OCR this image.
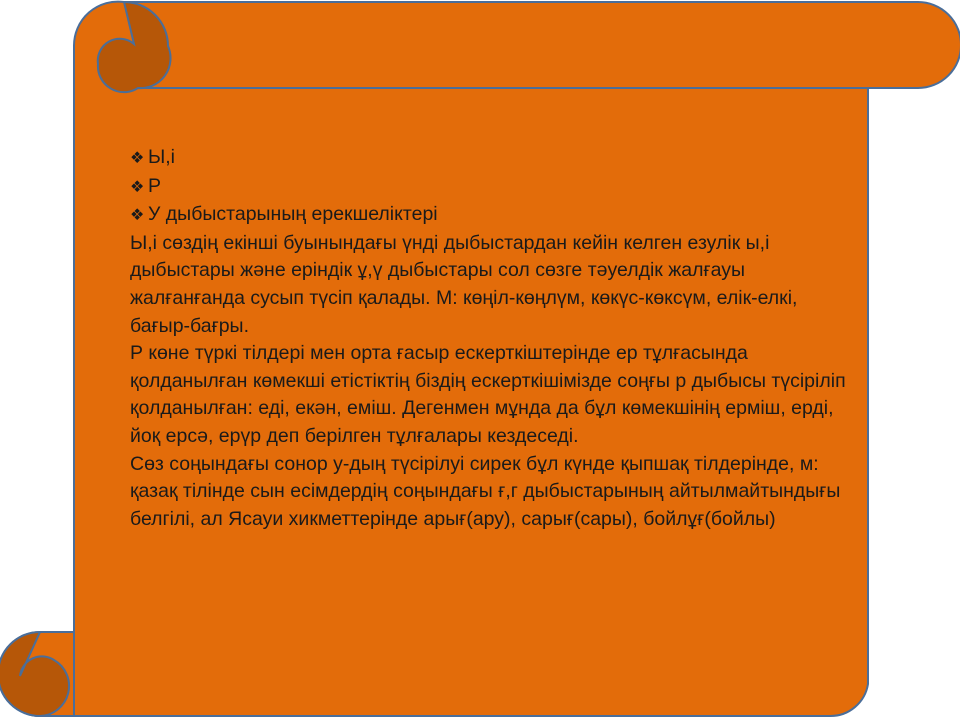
❖ Ы,і

❖ Р

❖ У дыбыстарының ерекшеліктері

Ы,і сөздің екінші буынындағы үнді дыбыстардан кейін келген езулік ы,і дыбыстары және еріндік ұ,ү дыбыстары сол сөзге тәуелдік жалғауы жалғанғанда сусып түсіп қалады. М: көңіл-көңлүм, көкүс-көксүм, елік-елкі, бағыр-бағры.

Р көне түркі тілдері мен орта ғасыр ескерткіштерінде ер тұлғасында қолданылған көмекші етістіктің біздің ескерткішімізде соңғы р дыбысы түсіріліп қолданылған: еді, екән, еміш. Дегенмен мұнда да бұл көмекшінің ерміш, ерді, йоқ ерсә, ерүр деп берілген тұлғалары кездеседі.

Сөз соңындағы сонор у-дың түсірілуі сирек бұл күнде қыпшақ тілдерінде, м: қазақ тілінде сын есімдердің соңындағы ғ,г дыбыстарының айтылмайтындығы белгілі, ал Ясауи хикметтерінде арығ(ару), сарығ(сары), бойлұғ(бойлы)
